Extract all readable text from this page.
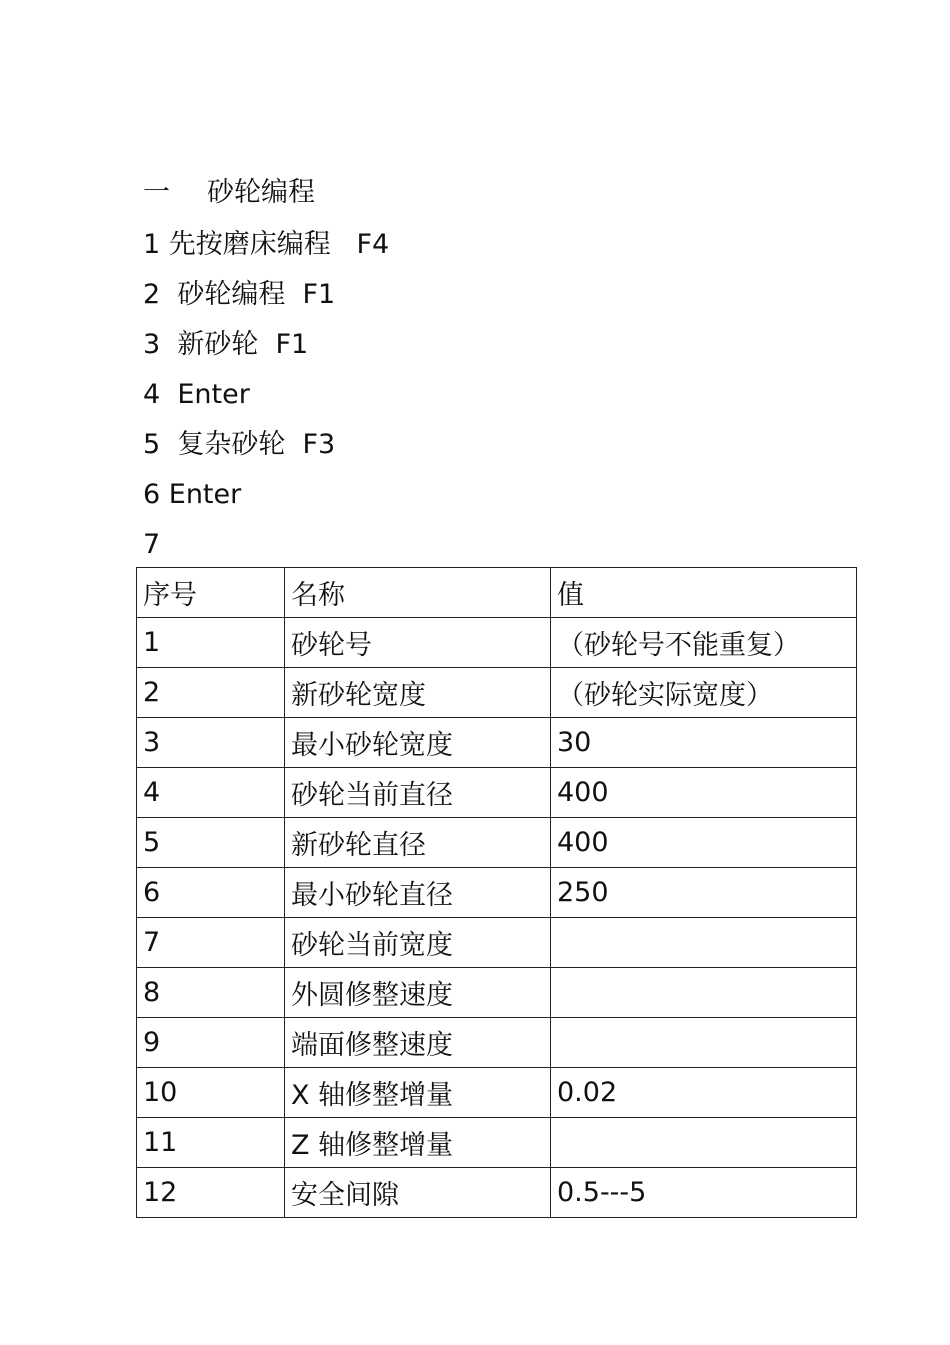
一 砂轮编程
1 先按磨床编程   F4
2  砂轮编程  F1
3  新砂轮  F1
4  Enter
5  复杂砂轮  F3
6 Enter
7
序号	名称	值
1	砂轮号	（砂轮号不能重复）
2	新砂轮宽度	（砂轮实际宽度）
3	最小砂轮宽度	30
4	砂轮当前直径	400
5	新砂轮直径	400
6	最小砂轮直径	250
7	砂轮当前宽度	
8	外圆修整速度	
9	端面修整速度	
10	X 轴修整增量	0.02
11	Z 轴修整增量	
12	安全间隙	0.5---5
